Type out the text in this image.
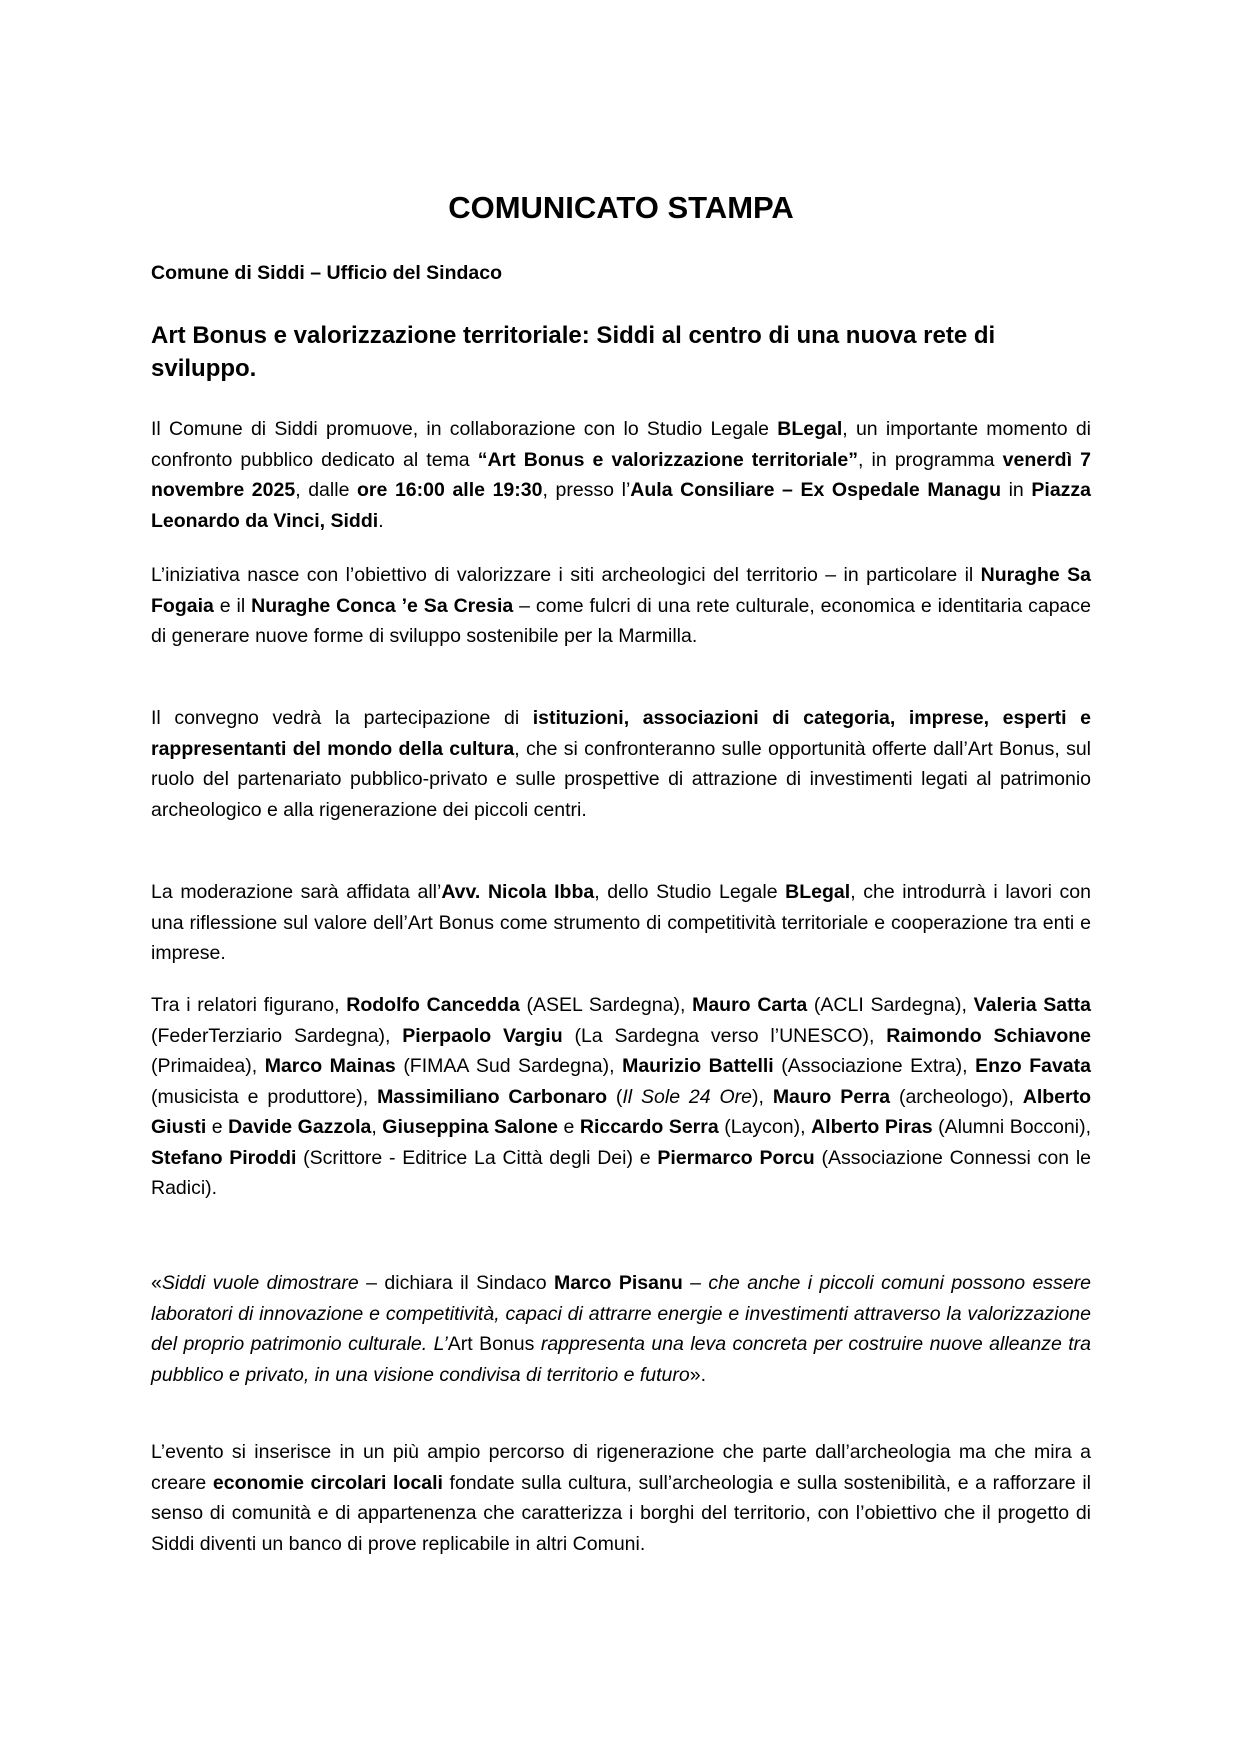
COMUNICATO STAMPA

Comune di Siddi – Ufficio del Sindaco

Art Bonus e valorizzazione territoriale: Siddi al centro di una nuova rete di sviluppo.

Il Comune di Siddi promuove, in collaborazione con lo Studio Legale BLegal, un importante momento di confronto pubblico dedicato al tema “Art Bonus e valorizzazione territoriale”, in programma venerdì 7 novembre 2025, dalle ore 16:00 alle 19:30, presso l’Aula Consiliare – Ex Ospedale Managu in Piazza Leonardo da Vinci, Siddi.

L’iniziativa nasce con l’obiettivo di valorizzare i siti archeologici del territorio – in particolare il Nuraghe Sa Fogaia e il Nuraghe Conca ’e Sa Cresia – come fulcri di una rete culturale, economica e identitaria capace di generare nuove forme di sviluppo sostenibile per la Marmilla.

Il convegno vedrà la partecipazione di istituzioni, associazioni di categoria, imprese, esperti e rappresentanti del mondo della cultura, che si confronteranno sulle opportunità offerte dall’Art Bonus, sul ruolo del partenariato pubblico-privato e sulle prospettive di attrazione di investimenti legati al patrimonio archeologico e alla rigenerazione dei piccoli centri.

La moderazione sarà affidata all’Avv. Nicola Ibba, dello Studio Legale BLegal, che introdurrà i lavori con una riflessione sul valore dell’Art Bonus come strumento di competitività territoriale e cooperazione tra enti e imprese.

Tra i relatori figurano, Rodolfo Cancedda (ASEL Sardegna), Mauro Carta (ACLI Sardegna), Valeria Satta (FederTerziario Sardegna), Pierpaolo Vargiu (La Sardegna verso l’UNESCO), Raimondo Schiavone (Primaidea), Marco Mainas (FIMAA Sud Sardegna), Maurizio Battelli (Associazione Extra), Enzo Favata (musicista e produttore), Massimiliano Carbonaro (Il Sole 24 Ore), Mauro Perra (archeologo), Alberto Giusti e Davide Gazzola, Giuseppina Salone e Riccardo Serra (Laycon), Alberto Piras (Alumni Bocconi), Stefano Piroddi (Scrittore - Editrice La Città degli Dei) e Piermarco Porcu (Associazione Connessi con le Radici).

«Siddi vuole dimostrare – dichiara il Sindaco Marco Pisanu – che anche i piccoli comuni possono essere laboratori di innovazione e competitività, capaci di attrarre energie e investimenti attraverso la valorizzazione del proprio patrimonio culturale. L’Art Bonus rappresenta una leva concreta per costruire nuove alleanze tra pubblico e privato, in una visione condivisa di territorio e futuro».

L’evento si inserisce in un più ampio percorso di rigenerazione che parte dall’archeologia ma che mira a creare economie circolari locali fondate sulla cultura, sull’archeologia e sulla sostenibilità, e a rafforzare il senso di comunità e di appartenenza che caratterizza i borghi del territorio, con l’obiettivo che il progetto di Siddi diventi un banco di prove replicabile in altri Comuni.
